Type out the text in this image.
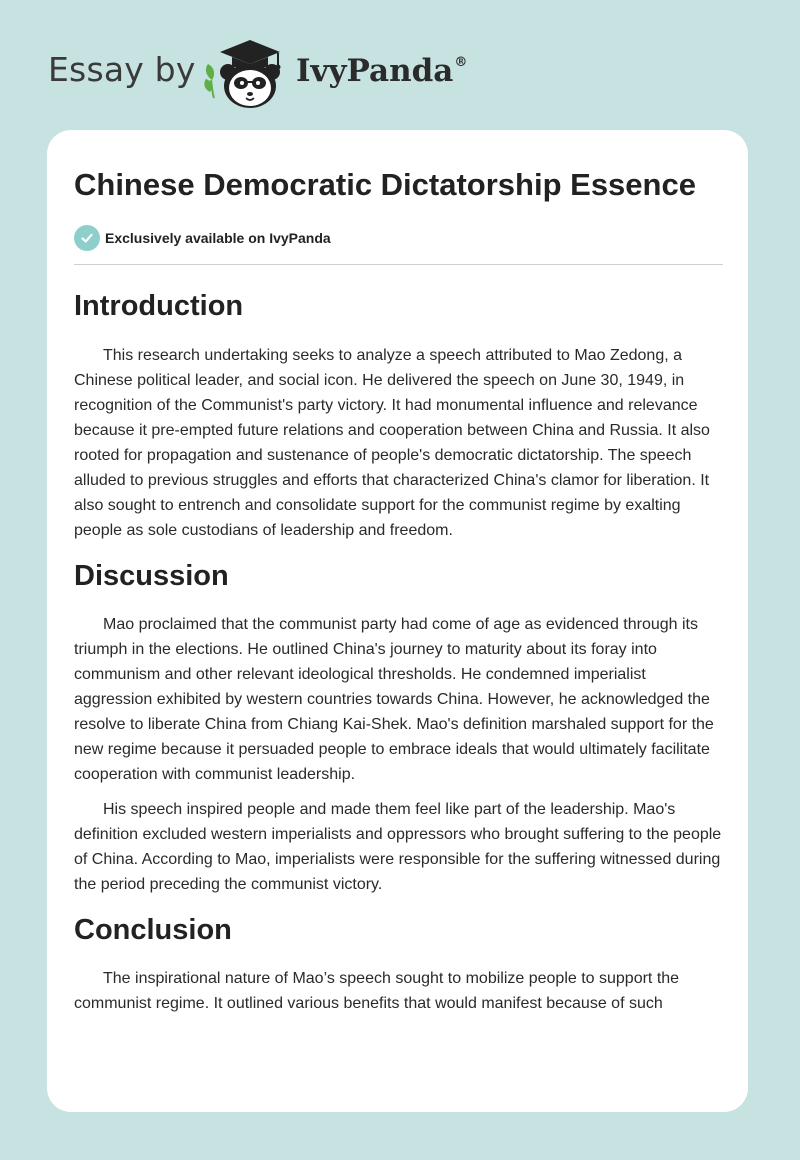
Essay by	IvyPanda®
Chinese Democratic Dictatorship Essence
Exclusively available on IvyPanda
Introduction

This research undertaking seeks to analyze a speech attributed to Mao Zedong, a Chinese political leader, and social icon. He delivered the speech on June 30, 1949, in recognition of the Communist's party victory. It had monumental influence and relevance because it pre-empted future relations and cooperation between China and Russia. It also rooted for propagation and sustenance of people's democratic dictatorship. The speech alluded to previous struggles and efforts that characterized China's clamor for liberation. It also sought to entrench and consolidate support for the communist regime by exalting people as sole custodians of leadership and freedom.

Discussion

Mao proclaimed that the communist party had come of age as evidenced through its triumph in the elections. He outlined China's journey to maturity about its foray into communism and other relevant ideological thresholds. He condemned imperialist aggression exhibited by western countries towards China. However, he acknowledged the resolve to liberate China from Chiang Kai-Shek. Mao's definition marshaled support for the new regime because it persuaded people to embrace ideals that would ultimately facilitate cooperation with communist leadership.

His speech inspired people and made them feel like part of the leadership. Mao's definition excluded western imperialists and oppressors who brought suffering to the people of China. According to Mao, imperialists were responsible for the suffering witnessed during the period preceding the communist victory.

Conclusion

The inspirational nature of Mao’s speech sought to mobilize people to support the communist regime. It outlined various benefits that would manifest because of such
